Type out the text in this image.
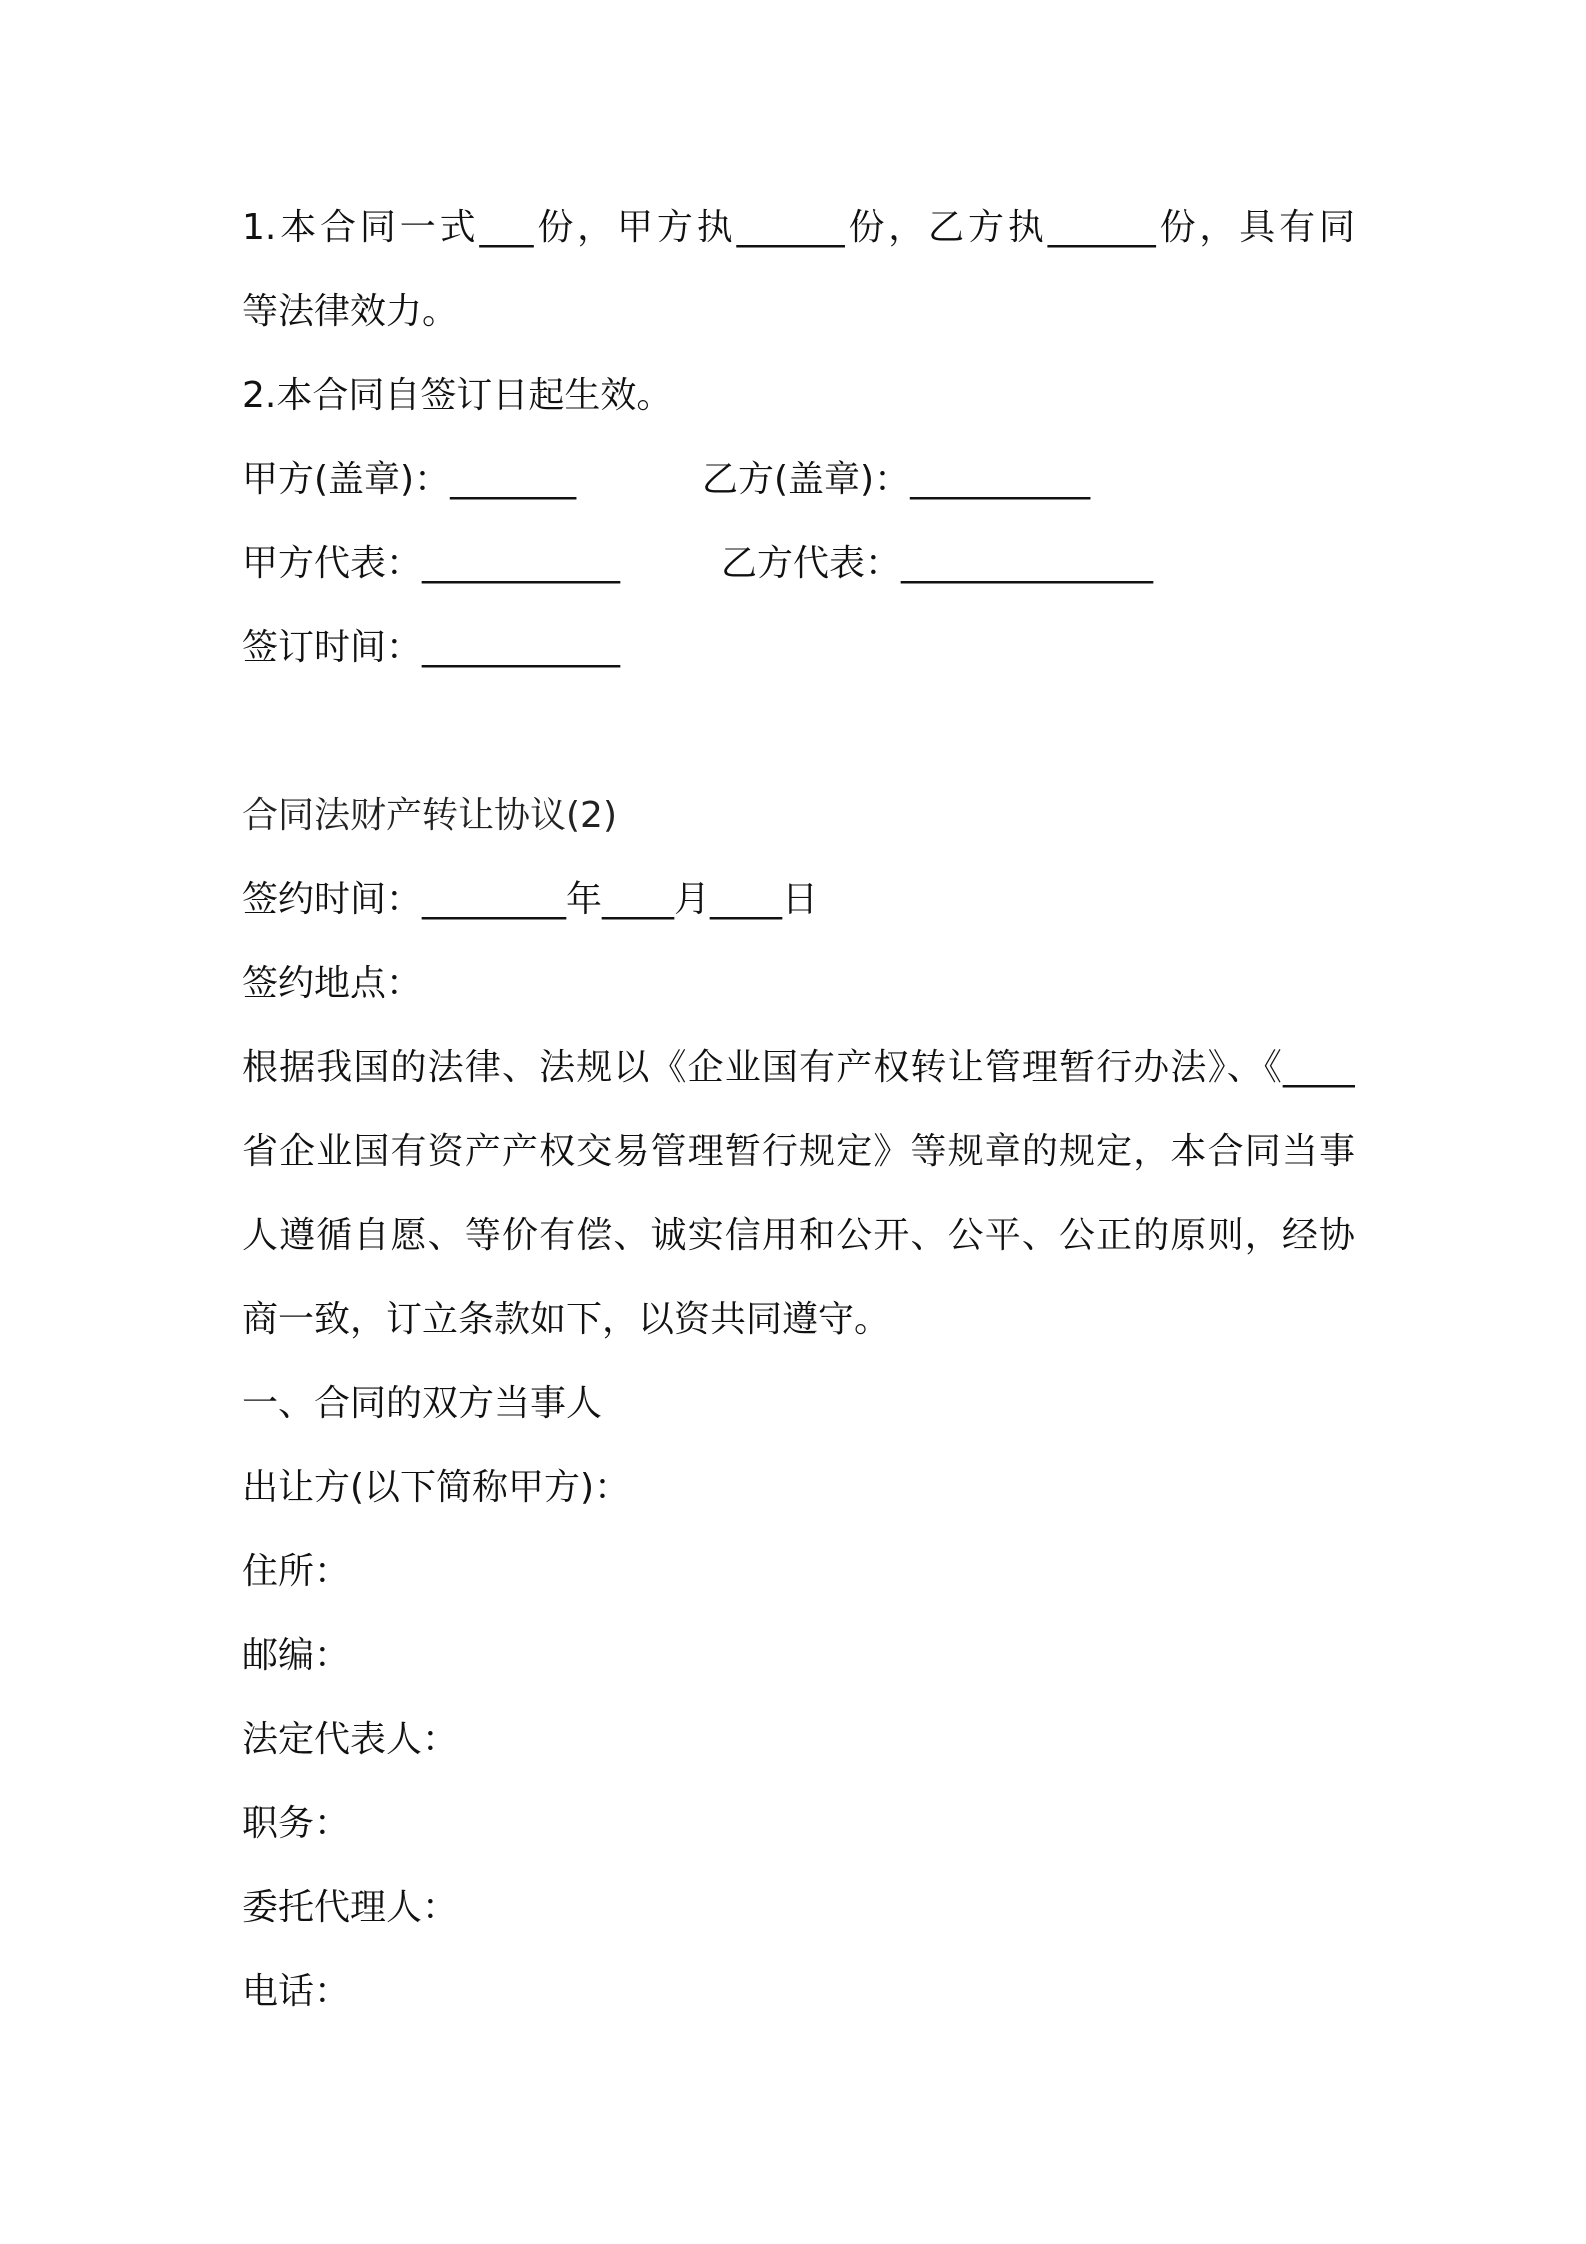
1.本合同一式___份，甲方执______份，乙方执______份，具有同
等法律效力。
2.本合同自签订日起生效。
甲方(盖章)：_______	乙方(盖章)：__________
甲方代表：___________	乙方代表：______________
签订时间：___________
合同法财产转让协议(2)
签约时间：________年____月____日
签约地点：
根据我国的法律、法规以《企业国有产权转让管理暂行办法》、《____
省企业国有资产产权交易管理暂行规定》等规章的规定，本合同当事
人遵循自愿、等价有偿、诚实信用和公开、公平、公正的原则，经协
商一致，订立条款如下，以资共同遵守。
一、合同的双方当事人
出让方(以下简称甲方)：
住所：
邮编：
法定代表人：
职务：
委托代理人：
电话：
